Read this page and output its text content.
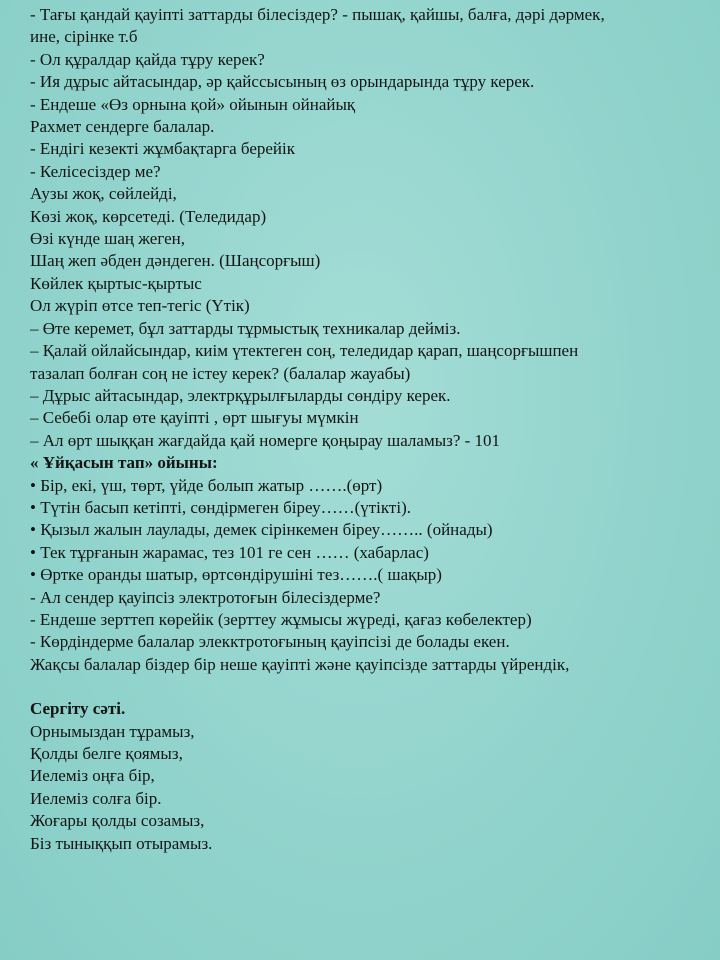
- Тағы қандай қауіпті заттарды білесіздер? - пышақ, қайшы, балға, дәрі дәрмек,
ине, сірінке т.б
- Ол құралдар қайда тұру керек?
- Ия дұрыс айтасындар, әр қайссысының өз орындарында тұру керек.
- Ендеше «Өз орнына қой» ойынын ойнайық
Рахмет сендерге балалар.
- Ендігі кезекті жұмбақтарга берейік
- Келісесіздер ме?
Аузы жоқ, сөйлейді,
Көзі жоқ, көрсетеді. (Теледидар)
Өзі күнде шаң жеген,
Шаң жеп әбден дәндеген. (Шаңсорғыш)
Көйлек қыртыс-қыртыс
Ол жүріп өтсе теп-тегіс (Үтік)
– Өте керемет, бұл заттарды тұрмыстық техникалар дейміз.
– Қалай ойлайсындар, киім үтектеген соң, теледидар қарап, шаңсорғышпен
тазалап болған соң не істеу керек? (балалар жауабы)
– Дұрыс айтасындар, электрқұрылғыларды сөндіру керек.
– Себебі олар өте қауіпті , өрт шығуы мүмкін
– Ал өрт шыққан жағдайда қай номерге қоңырау шаламыз? - 101
« Ұйқасын тап» ойыны:
• Бір, екі, үш, төрт, үйде болып жатыр …….(өрт)
• Түтін басып кетіпті, сөндірмеген біреу……(үтікті).
• Қызыл жалын лаулады, демек сірінкемен біреу…….. (ойнады)
• Тек тұрғанын жарамас, тез 101 ге сен …… (хабарлас)
• Өртке оранды шатыр, өртсөндірушіні тез…….( шақыр)
- Ал сендер қауіпсіз электротоғын білесіздерме?
- Ендеше зерттеп көрейік (зерттеу жұмысы жүреді, қағаз көбелектер)
- Көрдіндерме балалар элекктротоғының қауіпсізі де болады екен.
Жақсы балалар біздер бір неше қауіпті және қауіпсізде заттарды үйрендік,
Сергіту сәті.
Орнымыздан тұрамыз,
Қолды белге қоямыз,
Иелеміз оңға бір,
Иелеміз солға бір.
Жоғары қолды созамыз,
Біз тыныққып отырамыз.
